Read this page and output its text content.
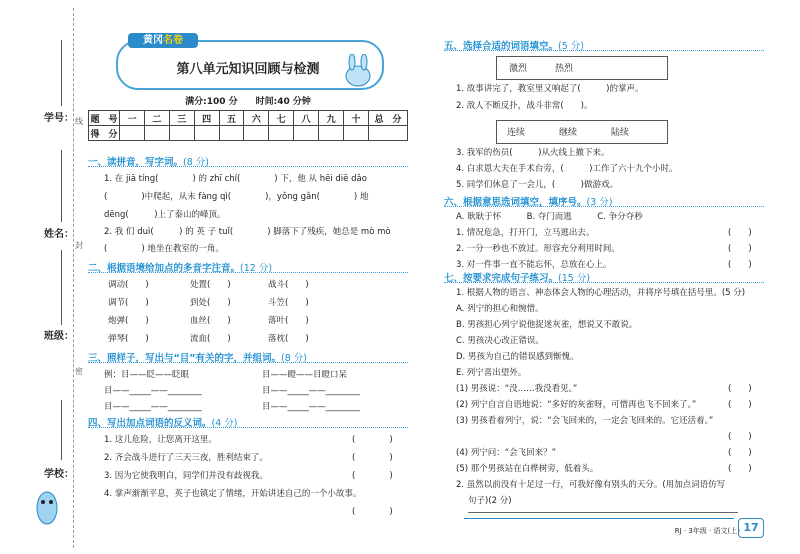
学校：
班级：
姓名：
学号： 线
封
密
黄冈名卷
第八单元知识回顾与检测
满分:100 分　　时间:40 分钟
题　号	一	二	三	四	五	六	七	八	九	十	总　分
得　分											
一、读拼音，写字词。(8 分)
1. 在 jiā tíng(　　　　) 的 zhī chí(　　　　) 下，他 从 hēi diē dǎo
(　　　　)中爬起，从未 fàng qì(　　　　)，yǒng gǎn(　　　　) 地
dēng(　　　)上了泰山的峰顶。
2. 我 们 duì(　　　) 的 英 子 tuǐ(　　　　) 脚落下了残疾，她总是 mò mò
(　　　　) 地坐在教室的一角。
二、根据语境给加点的多音字注音。(12 分)
调动(　　)	处置(　　)	战斗(　　)
调节(　　)	到处(　　)	斗笠(　　)
炮弹(　　)	血丝(　　)	落叶(　　)
弹琴(　　)	流血(　　)	落枕(　　)
三、照样子，写出与“目”有关的字，并组词。(8 分)
例：目——眨——眨眼	目——瞪——目瞪口呆
目——_____——________	目——_____——________
目——_____——________	目——_____——________
四、写出加点词语的反义词。(4 分)
1. 这儿危险，让您离开这里。	(　　　　)
2. 齐会战斗进行了三天三夜，胜利结束了。	(　　　　)
3. 因为它使我明白，同学们并没有歧视我。	(　　　　)
4. 掌声渐渐平息，英子也镇定了情绪，开始讲述自己的一个小故事。
(　　　　)
五、选择合适的词语填空。(5 分)
激烈	热烈
1. 故事讲完了，教室里又响起了(　　　)的掌声。
2. 敌人不断反扑，战斗非常(　　)。
连续	继续	陆续
3. 我军的伤员(　　　)从火线上撤下来。
4. 白求恩大夫在手术台旁，(　　　)工作了六十九个小时。
5. 同学们休息了一会儿，(　　　)做游戏。
六、根据意思选词填空，填序号。(3 分)
A. 耿耿于怀　　　B. 夺门而逃　　　C. 争分夺秒
1. 情况危急，打开门，立马逃出去。	(　　)
2. 一分一秒也不放过。形容充分利用时间。	(　　)
3. 对一件事一直不能忘怀，总放在心上。	(　　)
七、按要求完成句子练习。(15 分)
1. 根据人物的语言、神态体会人物的心理活动，并将序号填在括号里。(5 分)
A. 列宁的担心和惋惜。
B. 男孩担心列宁说他捉迷灰雀，想说又不敢说。
C. 男孩决心改正错误。
D. 男孩为自己的错误感到惭愧。
E. 列宁喜出望外。
(1) 男孩说：“没……我没看见。”	(　　)
(2) 列宁自言自语地说：“多好的灰雀呀，可惜再也飞不回来了。”	(　　)
(3) 男孩看着列宁，说：“会飞回来的，一定会飞回来的。它还活着。”
(　　)
(4) 列宁问：“会飞回来？”	(　　)
(5) 那个男孩站在白桦树旁，低着头。	(　　)
2. 虽然以前没有十足过一行，可我好像有别头的天分。(用加点词语仿写
句子)(2 分)
RJ · 3年级 · 语文(上) 17
